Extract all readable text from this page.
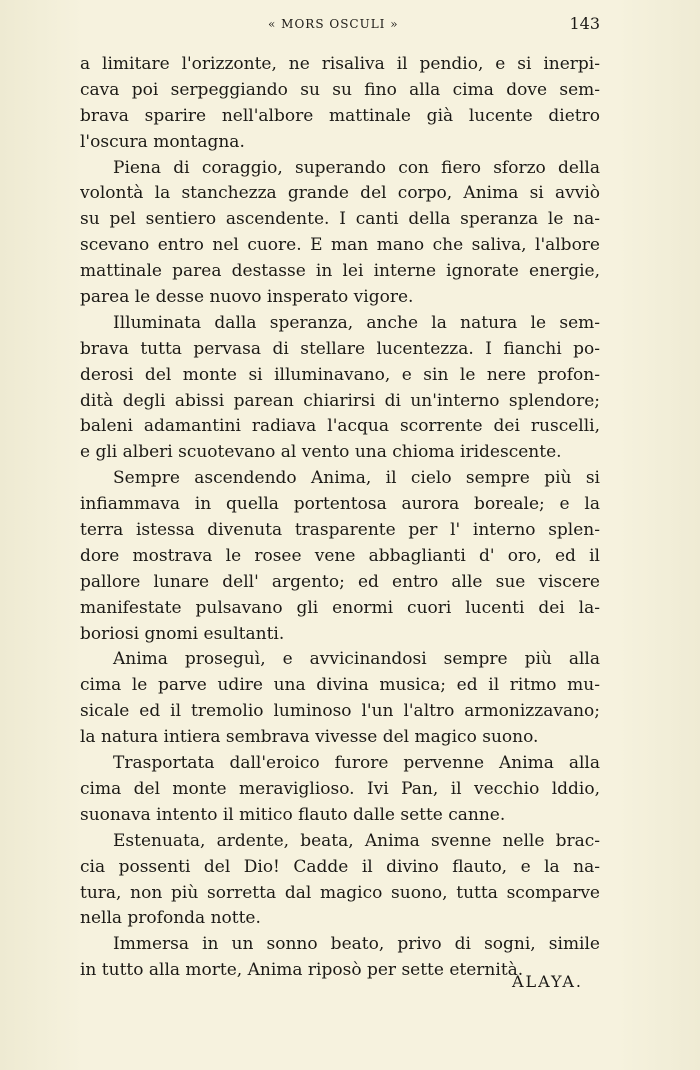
« MORS OSCULI »	143
a limitare l'orizzonte, ne risaliva il pendio, e si inerpi-
cava poi serpeggiando su su fino alla cima dove sem-
brava sparire nell'albore mattinale già lucente dietro
l'oscura montagna.
Piena di coraggio, superando con fiero sforzo della
volontà la stanchezza grande del corpo, Anima si avviò
su pel sentiero ascendente. I canti della speranza le na-
scevano entro nel cuore. E man mano che saliva, l'albore
mattinale parea destasse in lei interne ignorate energie,
parea le desse nuovo insperato vigore.
Illuminata dalla speranza, anche la natura le sem-
brava tutta pervasa di stellare lucentezza. I fianchi po-
derosi del monte si illuminavano, e sin le nere profon-
dità degli abissi parean chiarirsi di un'interno splendore;
baleni adamantini radiava l'acqua scorrente dei ruscelli,
e gli alberi scuotevano al vento una chioma iridescente.
Sempre ascendendo Anima, il cielo sempre più si
infiammava in quella portentosa aurora boreale; e la
terra istessa divenuta trasparente per l' interno splen-
dore mostrava le rosee vene abbaglianti d' oro, ed il
pallore lunare dell' argento; ed entro alle sue viscere
manifestate pulsavano gli enormi cuori lucenti dei la-
boriosi gnomi esultanti.
Anima proseguì, e avvicinandosi sempre più alla
cima le parve udire una divina musica; ed il ritmo mu-
sicale ed il tremolio luminoso l'un l'altro armonizzavano;
la natura intiera sembrava vivesse del magico suono.
Trasportata dall'eroico furore pervenne Anima alla
cima del monte meraviglioso. Ivi Pan, il vecchio lddio,
suonava intento il mitico flauto dalle sette canne.
Estenuata, ardente, beata, Anima svenne nelle brac-
cia possenti del Dio! Cadde il divino flauto, e la na-
tura, non più sorretta dal magico suono, tutta scomparve
nella profonda notte.
Immersa in un sonno beato, privo di sogni, simile
in tutto alla morte, Anima riposò per sette eternità.
ALAYA.
